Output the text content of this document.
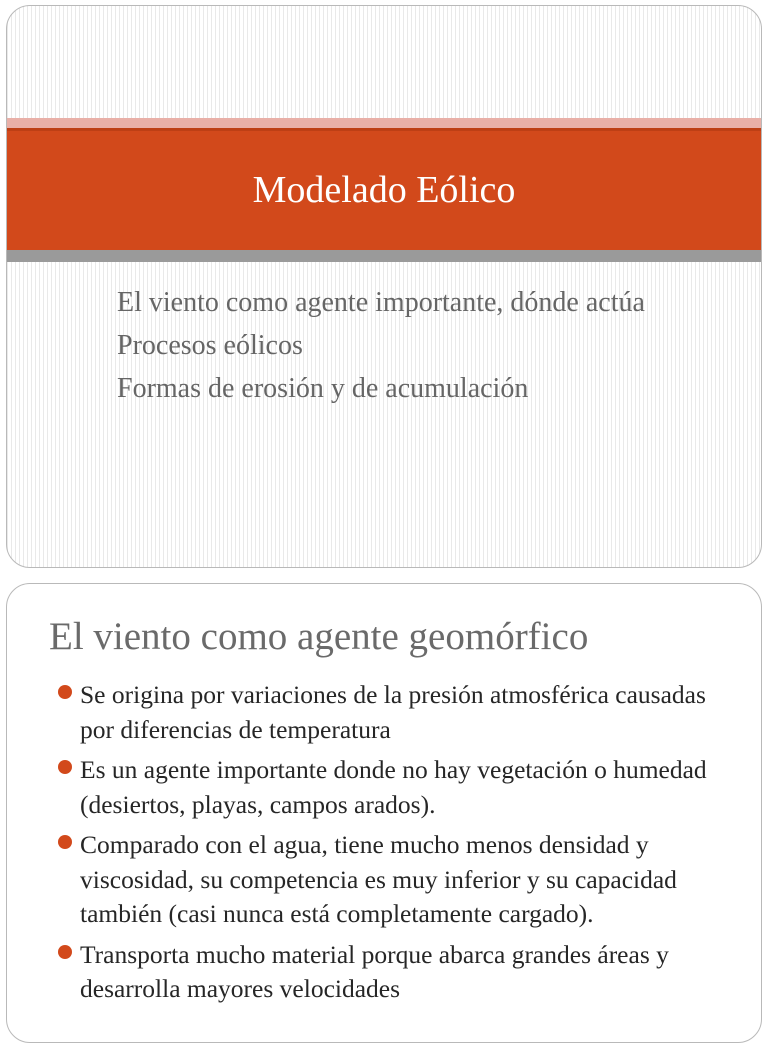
Modelado Eólico
El viento como agente importante, dónde actúa
Procesos eólicos
Formas de erosión y de acumulación
El viento como agente geomórfico
Se origina por variaciones de la presión atmosférica causadas por diferencias de temperatura
Es un agente importante donde no hay vegetación o humedad (desiertos, playas, campos arados).
Comparado con el agua, tiene mucho menos densidad y viscosidad, su competencia es muy inferior y su capacidad también (casi nunca está completamente cargado).
Transporta mucho material porque abarca grandes áreas y desarrolla mayores velocidades
